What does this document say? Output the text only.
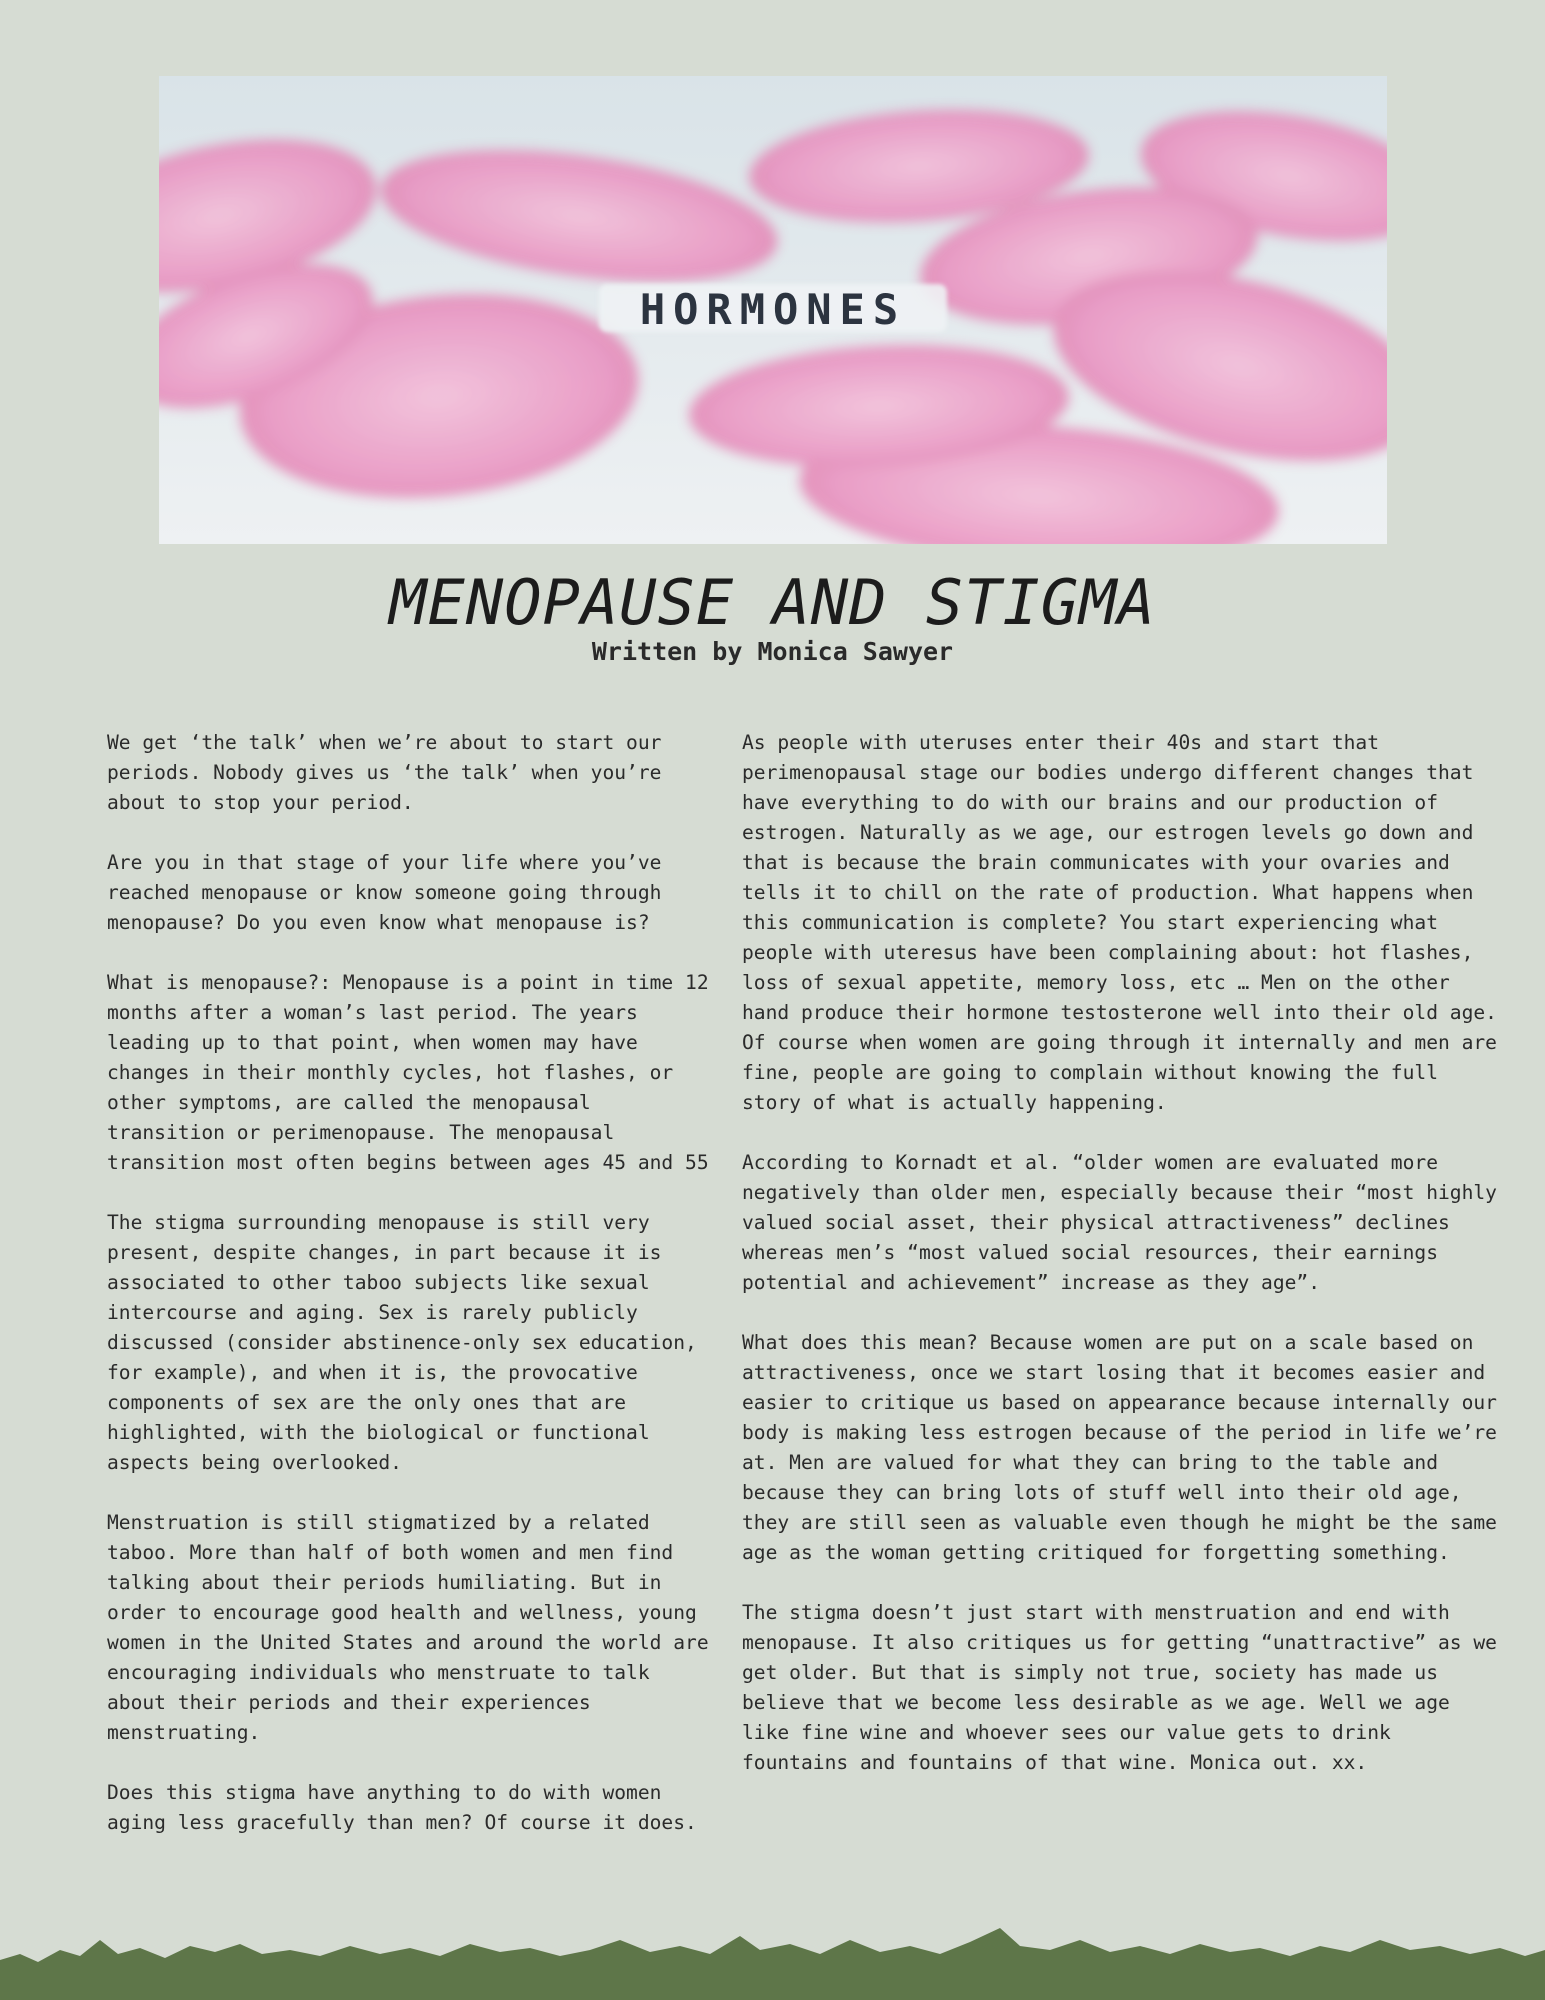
HORMONES
MENOPAUSE AND STIGMA
Written by Monica Sawyer

We get ‘the talk’ when we’re about to start our periods. Nobody gives us ‘the talk’ when you’re about to stop your period.

Are you in that stage of your life where you’ve reached menopause or know someone going through menopause? Do you even know what menopause is?

What is menopause?: Menopause is a point in time 12 months after a woman’s last period. The years leading up to that point, when women may have changes in their monthly cycles, hot flashes, or other symptoms, are called the menopausal transition or perimenopause. The menopausal transition most often begins between ages 45 and 55

The stigma surrounding menopause is still very present, despite changes, in part because it is associated to other taboo subjects like sexual intercourse and aging. Sex is rarely publicly discussed (consider abstinence-only sex education, for example), and when it is, the provocative components of sex are the only ones that are highlighted, with the biological or functional aspects being overlooked.

Menstruation is still stigmatized by a related taboo. More than half of both women and men find talking about their periods humiliating. But in order to encourage good health and wellness, young women in the United States and around the world are encouraging individuals who menstruate to talk about their periods and their experiences menstruating.

Does this stigma have anything to do with women aging less gracefully than men? Of course it does.

As people with uteruses enter their 40s and start that perimenopausal stage our bodies undergo different changes that have everything to do with our brains and our production of estrogen. Naturally as we age, our estrogen levels go down and that is because the brain communicates with your ovaries and tells it to chill on the rate of production. What happens when this communication is complete? You start experiencing what people with uteresus have been complaining about: hot flashes, loss of sexual appetite, memory loss, etc … Men on the other hand produce their hormone testosterone well into their old age. Of course when women are going through it internally and men are fine, people are going to complain without knowing the full story of what is actually happening.

According to Kornadt et al. “older women are evaluated more negatively than older men, especially because their “most highly valued social asset, their physical attractiveness” declines whereas men’s “most valued social resources, their earnings potential and achievement” increase as they age”.

What does this mean? Because women are put on a scale based on attractiveness, once we start losing that it becomes easier and easier to critique us based on appearance because internally our body is making less estrogen because of the period in life we’re at. Men are valued for what they can bring to the table and because they can bring lots of stuff well into their old age, they are still seen as valuable even though he might be the same age as the woman getting critiqued for forgetting something.

The stigma doesn’t just start with menstruation and end with menopause. It also critiques us for getting “unattractive” as we get older. But that is simply not true, society has made us believe that we become less desirable as we age. Well we age like fine wine and whoever sees our value gets to drink fountains and fountains of that wine. Monica out. xx.
